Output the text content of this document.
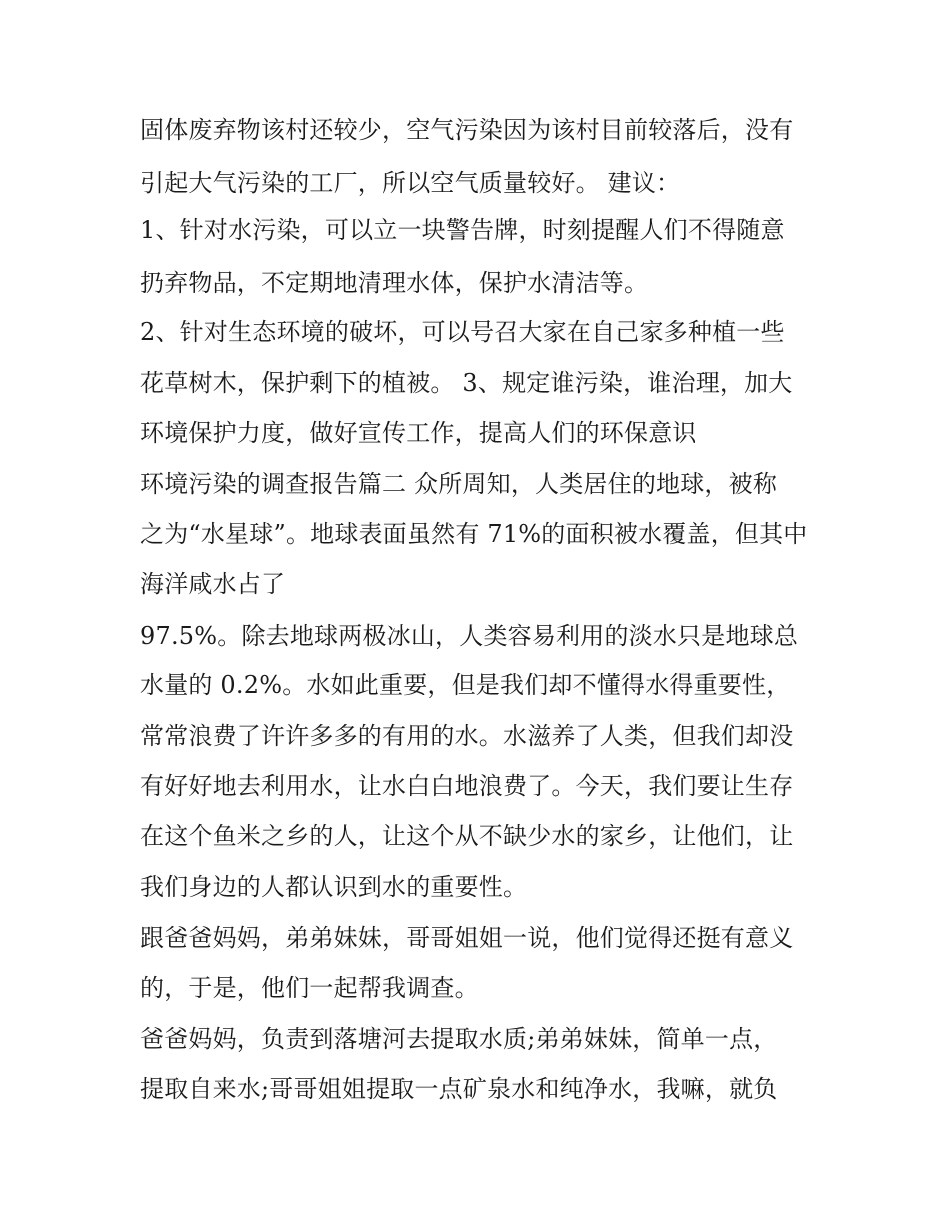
固体废弃物该村还较少，空气污染因为该村目前较落后，没有
引起大气污染的工厂，所以空气质量较好。 建议：
1、针对水污染，可以立一块警告牌，时刻提醒人们不得随意
扔弃物品，不定期地清理水体，保护水清洁等。
2、针对生态环境的破坏，可以号召大家在自己家多种植一些
花草树木，保护剩下的植被。 3、规定谁污染，谁治理，加大
环境保护力度，做好宣传工作，提高人们的环保意识
环境污染的调查报告篇二 众所周知，人类居住的地球，被称
之为“水星球”。地球表面虽然有 71%的面积被水覆盖，但其中
海洋咸水占了
97.5%。除去地球两极冰山，人类容易利用的淡水只是地球总
水量的 0.2%。水如此重要，但是我们却不懂得水得重要性，
常常浪费了许许多多的有用的水。水滋养了人类，但我们却没
有好好地去利用水，让水白白地浪费了。今天，我们要让生存
在这个鱼米之乡的人，让这个从不缺少水的家乡，让他们，让
我们身边的人都认识到水的重要性。
跟爸爸妈妈，弟弟妹妹，哥哥姐姐一说，他们觉得还挺有意义
的，于是，他们一起帮我调查。
爸爸妈妈，负责到落塘河去提取水质;弟弟妹妹，简单一点，
提取自来水;哥哥姐姐提取一点矿泉水和纯净水，我嘛，就负
